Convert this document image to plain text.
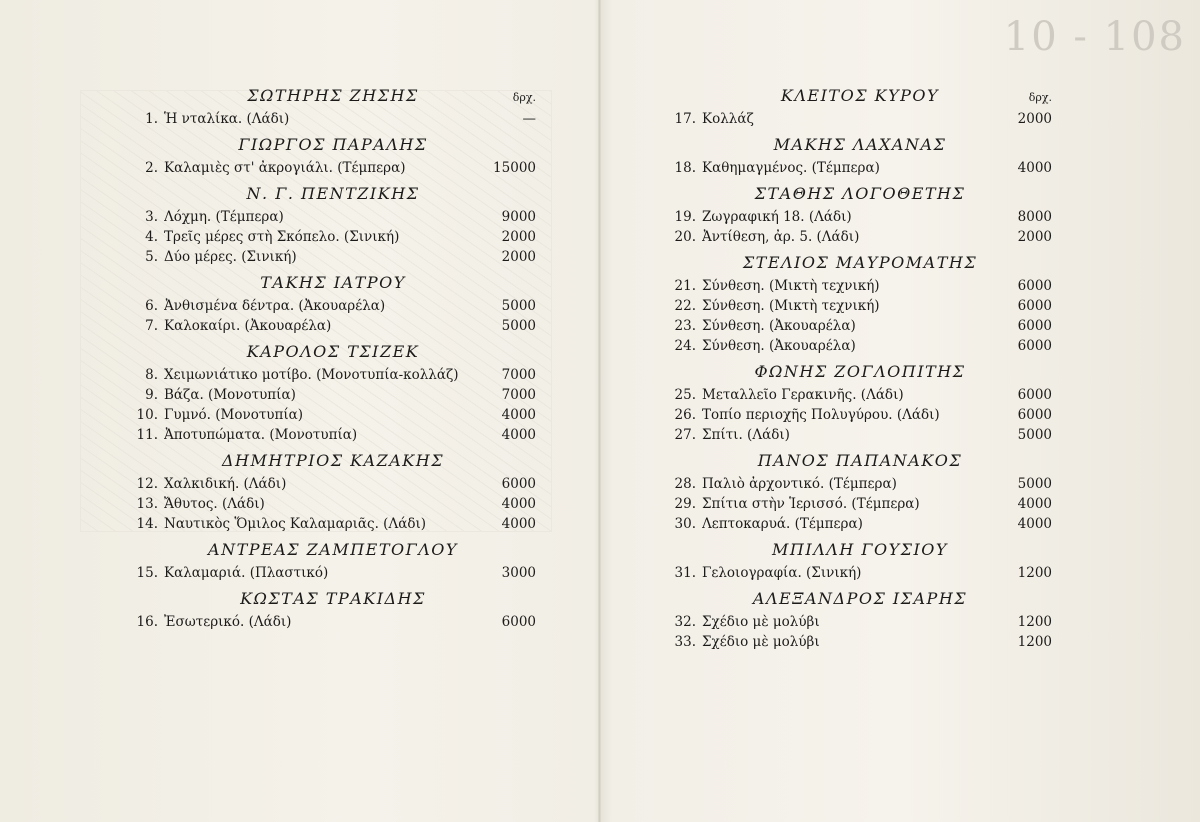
10 - 108
ΣΩΤΗΡΗΣ ΖΗΣΗΣ	δρχ.
1. Ἡ νταλίκα. (Λάδι)	—
ΓΙΩΡΓΟΣ ΠΑΡΑΛΗΣ
2. Καλαμιὲς στ' ἀκρογιάλι. (Τέμπερα)	15000
Ν. Γ. ΠΕΝΤΖΙΚΗΣ
3. Λόχμη. (Τέμπερα)	9000
4. Τρεῖς μέρες στὴ Σκόπελο. (Σινική)	2000
5. Δύο μέρες. (Σινική)	2000
ΤΑΚΗΣ ΙΑΤΡΟΥ
6. Ἀνθισμένα δέντρα. (Ἀκουαρέλα)	5000
7. Καλοκαίρι. (Ἀκουαρέλα)	5000
ΚΑΡΟΛΟΣ ΤΣΙΖΕΚ
8. Χειμωνιάτικο μοτίβο. (Μονοτυπία-κολλάζ)	7000
9. Βάζα. (Μονοτυπία)	7000
10. Γυμνό. (Μονοτυπία)	4000
11. Ἀποτυπώματα. (Μονοτυπία)	4000
ΔΗΜΗΤΡΙΟΣ ΚΑΖΑΚΗΣ
12. Χαλκιδική. (Λάδι)	6000
13. Ἄθυτος. (Λάδι)	4000
14. Ναυτικὸς Ὅμιλος Καλαμαριᾶς. (Λάδι)	4000
ΑΝΤΡΕΑΣ ΖΑΜΠΕΤΟΓΛΟΥ
15. Καλαμαριά. (Πλαστικό)	3000
ΚΩΣΤΑΣ ΤΡΑΚΙΔΗΣ
16. Ἐσωτερικό. (Λάδι)	6000
ΚΛΕΙΤΟΣ ΚΥΡΟΥ	δρχ.
17. Κολλάζ	2000
ΜΑΚΗΣ ΛΑΧΑΝΑΣ
18. Καθημαγμένος. (Τέμπερα)	4000
ΣΤΑΘΗΣ ΛΟΓΟΘΕΤΗΣ
19. Ζωγραφική 18. (Λάδι)	8000
20. Ἀντίθεση, ἀρ. 5. (Λάδι)	2000
ΣΤΕΛΙΟΣ ΜΑΥΡΟΜΑΤΗΣ
21. Σύνθεση. (Μικτὴ τεχνική)	6000
22. Σύνθεση. (Μικτὴ τεχνική)	6000
23. Σύνθεση. (Ἀκουαρέλα)	6000
24. Σύνθεση. (Ἀκουαρέλα)	6000
ΦΩΝΗΣ ΖΟΓΛΟΠΙΤΗΣ
25. Μεταλλεῖο Γερακινῆς. (Λάδι)	6000
26. Τοπίο περιοχῆς Πολυγύρου. (Λάδι)	6000
27. Σπίτι. (Λάδι)	5000
ΠΑΝΟΣ ΠΑΠΑΝΑΚΟΣ
28. Παλιὸ ἀρχοντικό. (Τέμπερα)	5000
29. Σπίτια στὴν Ἱερισσό. (Τέμπερα)	4000
30. Λεπτοκαρυά. (Τέμπερα)	4000
ΜΠΙΛΛΗ ΓΟΥΣΙΟΥ
31. Γελοιογραφία. (Σινική)	1200
ΑΛΕΞΑΝΔΡΟΣ ΙΣΑΡΗΣ
32. Σχέδιο μὲ μολύβι	1200
33. Σχέδιο μὲ μολύβι	1200
